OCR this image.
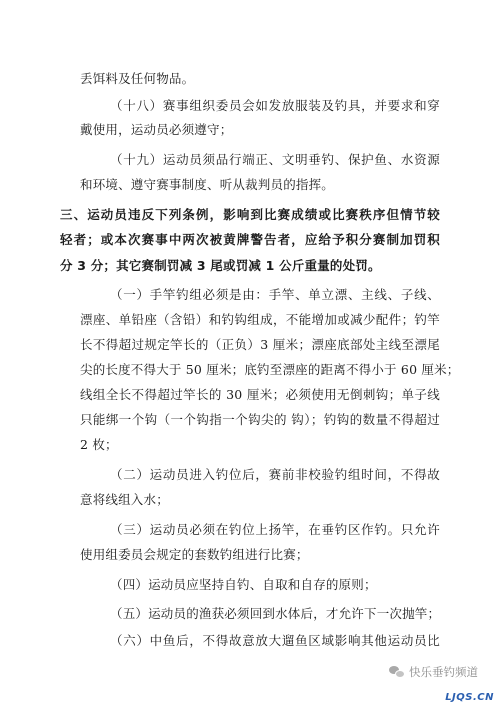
丢饵料及任何物品。
（十八）赛事组织委员会如发放服装及钓具，并要求和穿
戴使用，运动员必须遵守；
（十九）运动员须品行端正、文明垂钓、保护鱼、水资源
和环境、遵守赛事制度、听从裁判员的指挥。
三、运动员违反下列条例，影响到比赛成绩或比赛秩序但情节较
轻者；或本次赛事中两次被黄牌警告者，应给予积分赛制加罚积
分 3 分；其它赛制罚减 3 尾或罚减 1 公斤重量的处罚。
（一）手竿钓组必须是由：手竿、单立漂、主线、子线、
漂座、单铅座（含铅）和钓钩组成，不能增加或减少配件；钓竿
长不得超过规定竿长的（正负）3 厘米；漂座底部处主线至漂尾
尖的长度不得大于 50 厘米；底钓至漂座的距离不得小于 60 厘米；
线组全长不得超过竿长的 30 厘米；必须使用无倒刺钩；单子线
只能绑一个钩（一个钩指一个钩尖的 钩）；钓钩的数量不得超过
2 枚；
（二）运动员进入钓位后，赛前非校验钓组时间，不得故
意将线组入水；
（三）运动员必须在钓位上扬竿，在垂钓区作钓。只允许
使用组委员会规定的套数钓组进行比赛；
（四）运动员应坚持自钓、自取和自存的原则；
（五）运动员的渔获必须回到水体后，才允许下一次抛竿；
（六）中鱼后，不得故意放大遛鱼区域影响其他运动员比
快乐垂钓频道
LJQS.CN
